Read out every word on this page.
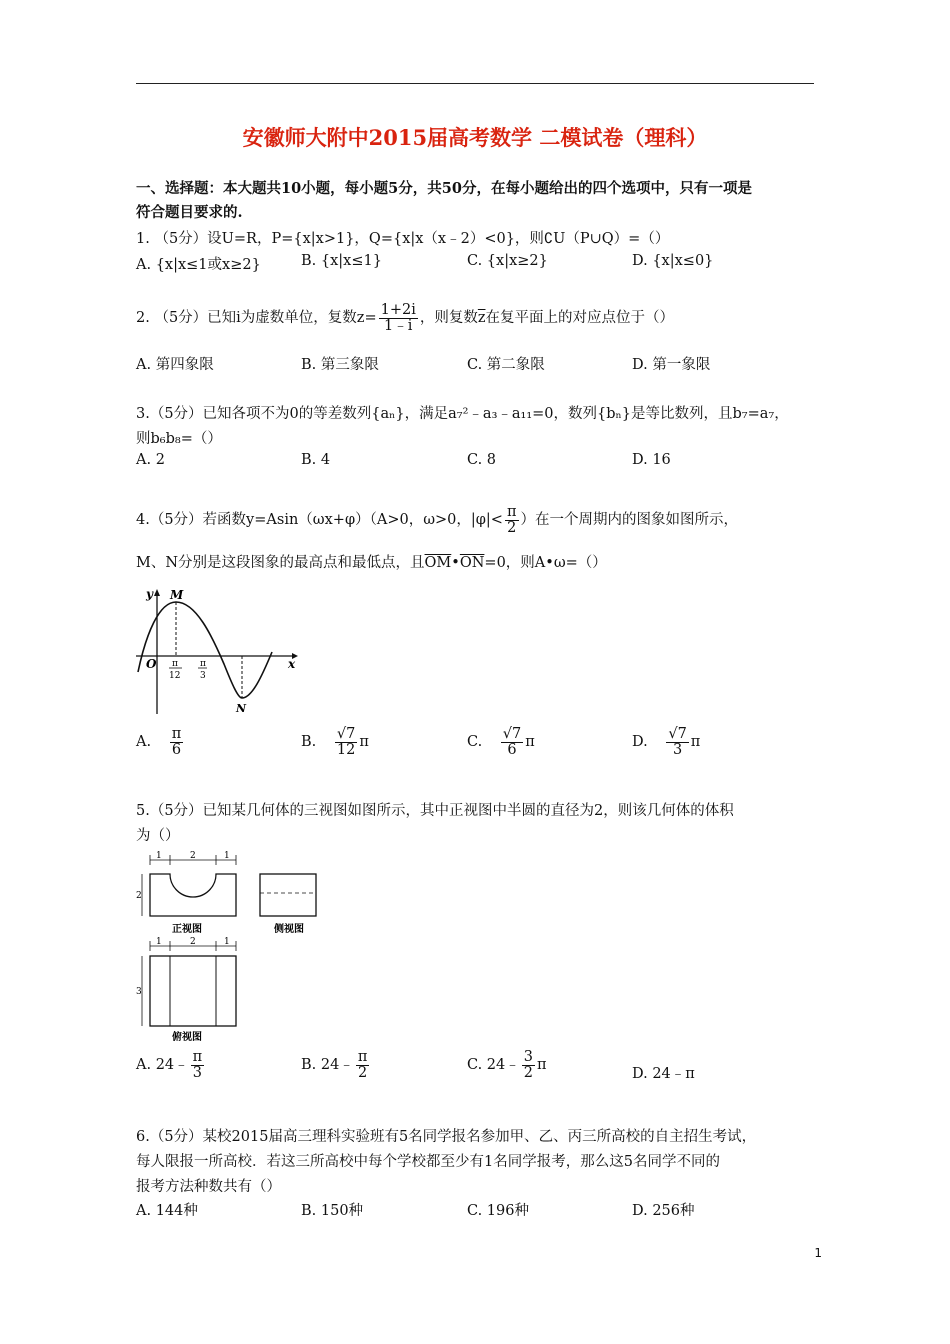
安徽师大附中2015届高考数学 二模试卷（理科）
一、选择题：本大题共10小题，每小题5分，共50分，在每小题给出的四个选项中，只有一项是
符合题目要求的.
1. （5分）设U=R，P={x|x>1}，Q={x|x（x﹣2）<0}，则∁U（P∪Q）=（）
A. {x|x≤1或x≥2}	B. {x|x≤1}	C. {x|x≥2}	D. {x|x≤0}
2. （5分）已知i为虚数单位，复数$z= \frac{1+2i}{1﹣i}$ ，则复数$\overline{z}$在复平面上的对应点位于（）
A. 第四象限	B. 第三象限	C. 第二象限	D. 第一象限
3.（5分）已知各项不为0的等差数列{aₙ}，满足a₇²﹣a₃﹣a₁₁=0，数列{bₙ}是等比数列，且b₇=a₇，
则b₆b₈=（）
A. 2	B. 4	C. 8	D. 16
4.（5分）若函数y=Asin（ωx+φ）（A>0，ω>0，$|\varphi|< \frac{\pi}{2}$ ）在一个周期内的图象如图所示，
M、N分别是这段图象的最高点和最低点，且$\overline{OM}•\overline{ON}=0$，则A•ω=（）
y M
O	x
N
π
12
π
3
A. $\frac{\pi}{6}$	B. $\frac{√7}{12}$ π	C. $\frac{√7}{6}$ π	D. $\frac{√7}{3}$ π
5.（5分）已知某几何体的三视图如图所示，其中正视图中半圆的直径为2，则该几何体的体积
为（）
1	2	1
2
正视图	侧视图
1	2	1
3
俯视图
A. 24﹣ $\frac{\pi}{3}$	B. 24﹣ $\frac{\pi}{2}$	C. 24﹣ $\frac{3}{2}$ π
D. 24﹣π
6.（5分）某校2015届高三理科实验班有5名同学报名参加甲、乙、丙三所高校的自主招生考试，
每人限报一所高校．若这三所高校中每个学校都至少有1名同学报考，那么这5名同学不同的
报考方法种数共有（）
A. 144种	B. 150种	C. 196种	D. 256种
1
